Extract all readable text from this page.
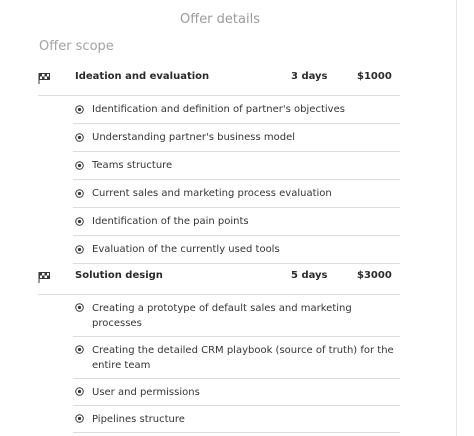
Offer details
Offer scope
Ideation and evaluation	3 days	$1000
Identification and definition of partner's objectives
Understanding partner's business model
Teams structure
Current sales and marketing process evaluation
Identification of the pain points
Evaluation of the currently used tools
Solution design	5 days	$3000
Creating a prototype of default sales and marketing processes
Creating the detailed CRM playbook (source of truth) for the entire team
User and permissions
Pipelines structure
